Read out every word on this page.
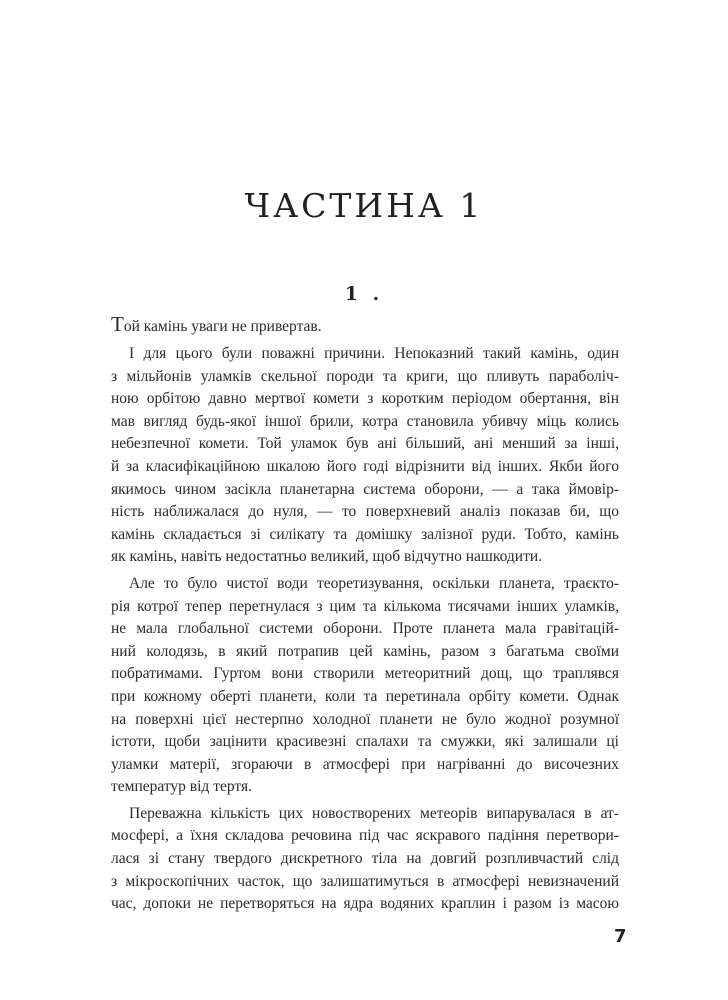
ЧАСТИНА 1
1 .
Той камінь уваги не привертав.
І для цього були поважні причини. Непоказний такий камінь, один
з мільйонів уламків скельної породи та криги, що пливуть параболіч-
ною орбітою давно мертвої комети з коротким періодом обертання, він
мав вигляд будь-якої іншої брили, котра становила убивчу міць колись
небезпечної комети. Той уламок був ані більший, ані менший за інші,
й за класифікаційною шкалою його годі відрізнити від інших. Якби його
якимось чином засікла планетарна система оборони, — а така ймовір-
ність наближалася до нуля, — то поверхневий аналіз показав би, що
камінь складається зі силікату та домішку залізної руди. Тобто, камінь
як камінь, навіть недостатньо великий, щоб відчутно нашкодити.
Але то було чистої води теоретизування, оскільки планета, траєкто-
рія котрої тепер перетнулася з цим та кількома тисячами інших уламків,
не мала глобальної системи оборони. Проте планета мала гравітацій-
ний колодязь, в який потрапив цей камінь, разом з багатьма своїми
побратимами. Гуртом вони створили метеоритний дощ, що траплявся
при кожному оберті планети, коли та перетинала орбіту комети. Однак
на поверхні цієї нестерпно холодної планети не було жодної розумної
істоти, щоби зацінити красивезні спалахи та смужки, які залишали ці
уламки матерії, згораючи в атмосфері при нагріванні до височезних
температур від тертя.
Переважна кількість цих новостворених метеорів випарувалася в ат-
мосфері, а їхня складова речовина під час яскравого падіння перетвори-
лася зі стану твердого дискретного тіла на довгий розпливчастий слід
з мікроскопічних часток, що залишатимуться в атмосфері невизначений
час, допоки не перетворяться на ядра водяних краплин і разом із масою
7
